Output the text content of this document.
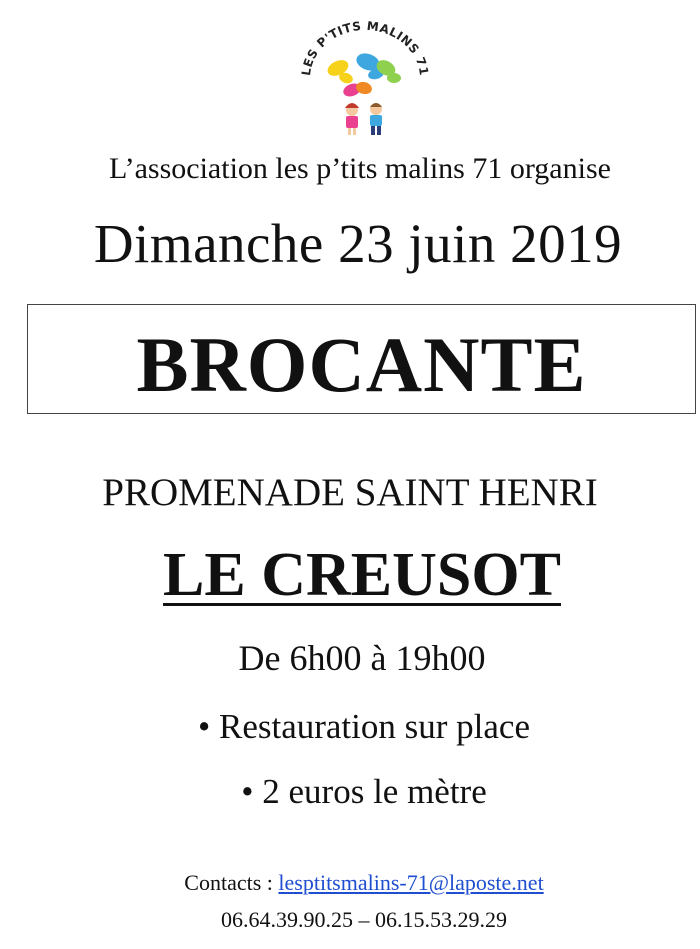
LES P'TITS MALINS 71
L’association les p’tits malins 71 organise
Dimanche 23 juin 2019
BROCANTE
PROMENADE SAINT HENRI
LE CREUSOT
De 6h00 à 19h00
• Restauration sur place
• 2 euros le mètre
Contacts : lesptitsmalins-71@laposte.net
06.64.39.90.25 – 06.15.53.29.29
